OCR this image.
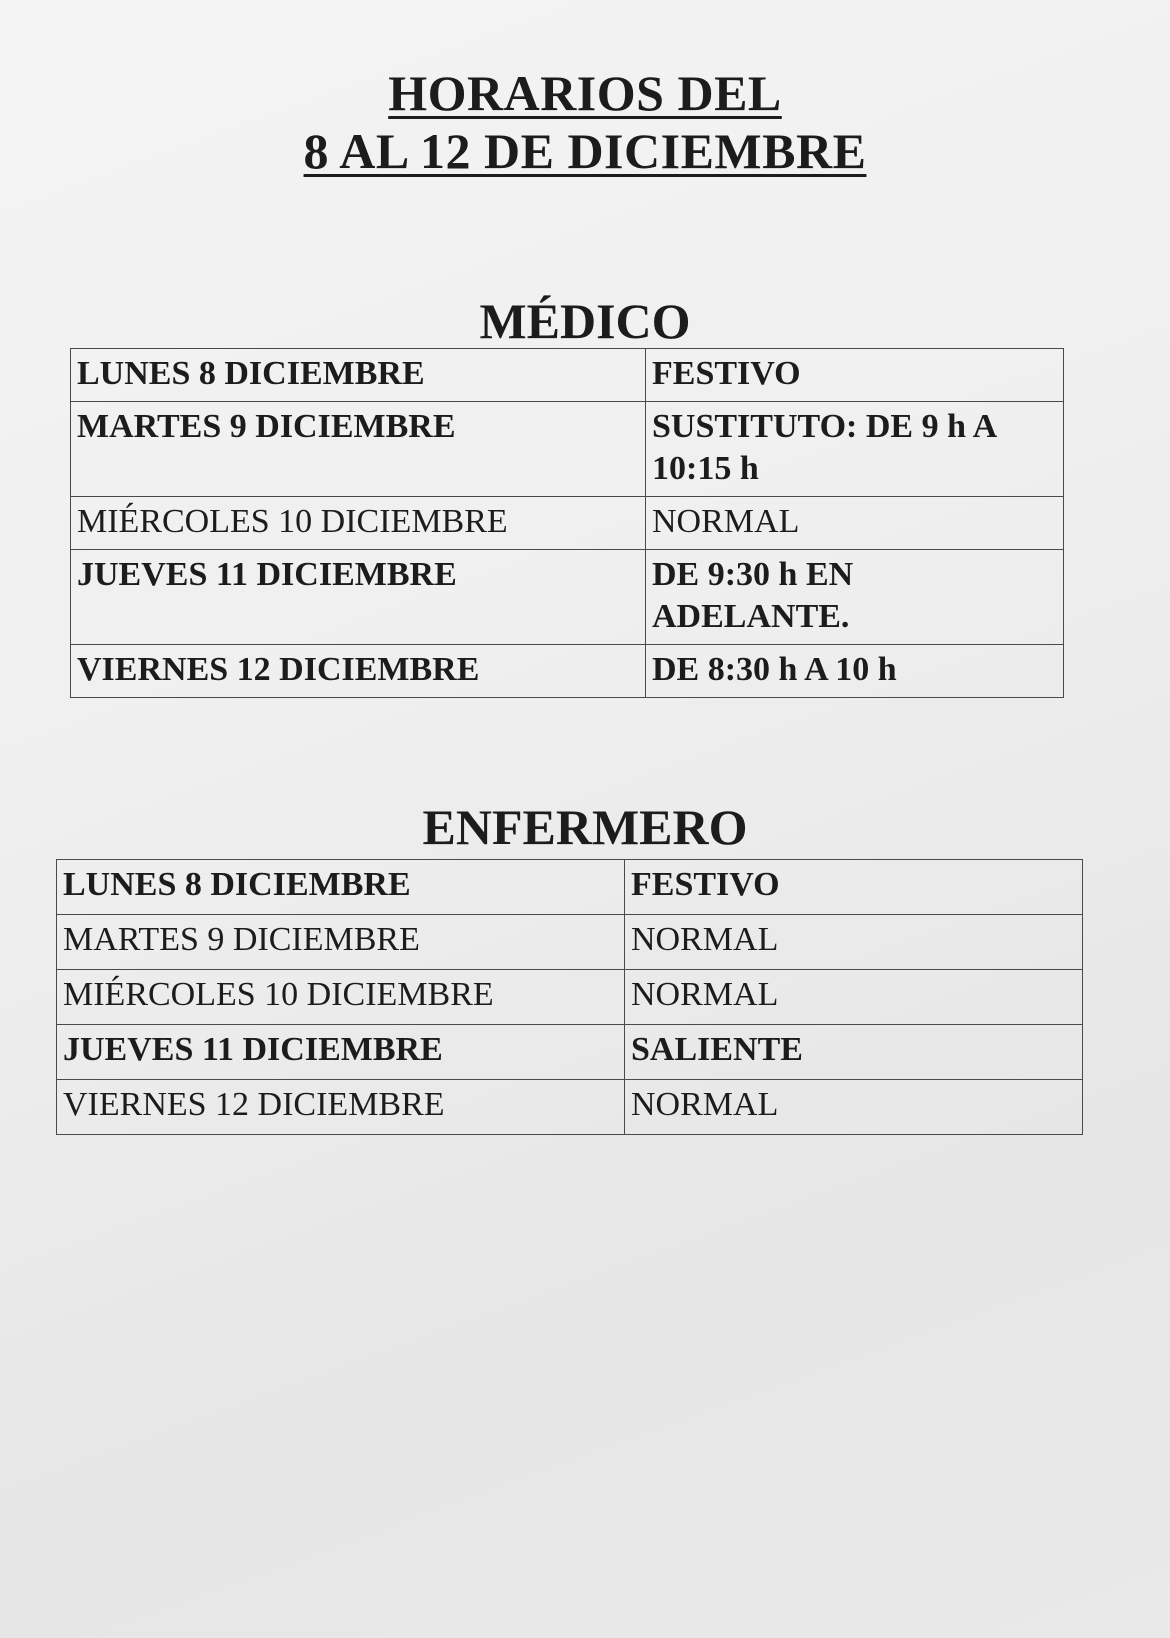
HORARIOS DEL
8 AL 12 DE DICIEMBRE
MÉDICO
LUNES 8 DICIEMBRE	FESTIVO
MARTES 9 DICIEMBRE	SUSTITUTO: DE 9 h A
10:15 h

MIÉRCOLES 10 DICIEMBRE	NORMAL
JUEVES 11 DICIEMBRE	DE 9:30 h EN
ADELANTE.

VIERNES 12 DICIEMBRE	DE 8:30 h A 10 h
ENFERMERO
LUNES 8 DICIEMBRE	FESTIVO
MARTES 9 DICIEMBRE	NORMAL
MIÉRCOLES 10 DICIEMBRE	NORMAL
JUEVES 11 DICIEMBRE	SALIENTE
VIERNES 12 DICIEMBRE	NORMAL
